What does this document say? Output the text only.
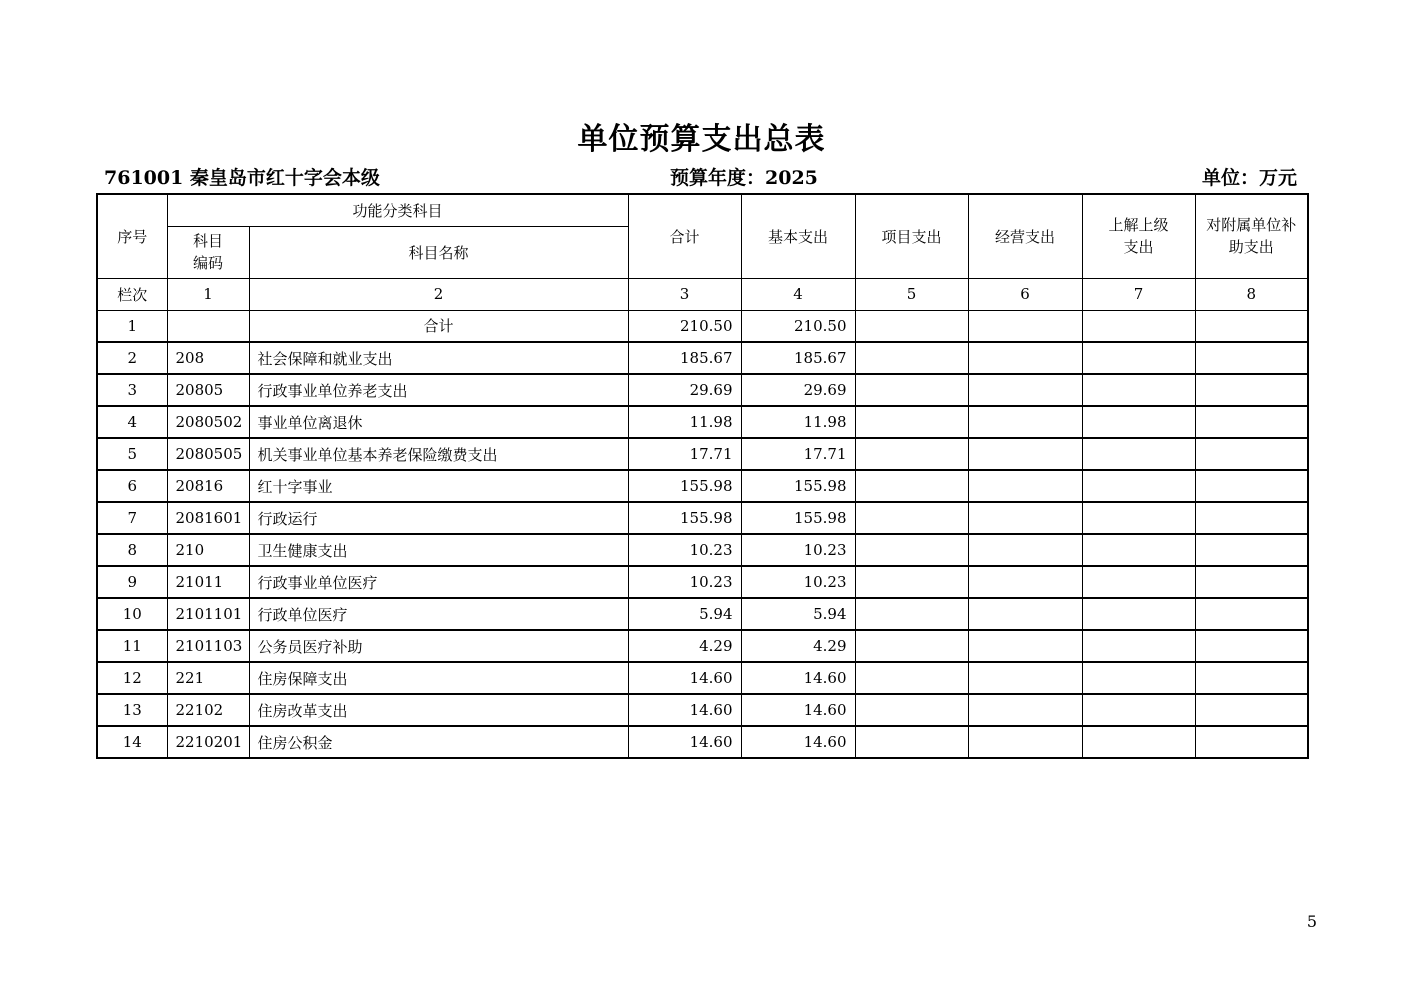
单位预算支出总表
761001 秦皇岛市红十字会本级	预算年度：2025	单位：万元
序号	功能分类科目		合计	基本支出	项目支出	经营支出	上解上级支出	对附属单位补助支出
	科目编码	科目名称						
栏次	1	2	3	4	5	6	7	8
1		合计	210.50	210.50				
2	208	社会保障和就业支出	185.67	185.67				
3	20805	行政事业单位养老支出	29.69	29.69				
4	2080502	事业单位离退休	11.98	11.98				
5	2080505	机关事业单位基本养老保险缴费支出	17.71	17.71				
6	20816	红十字事业	155.98	155.98				
7	2081601	行政运行	155.98	155.98				
8	210	卫生健康支出	10.23	10.23				
9	21011	行政事业单位医疗	10.23	10.23				
10	2101101	行政单位医疗	5.94	5.94				
11	2101103	公务员医疗补助	4.29	4.29				
12	221	住房保障支出	14.60	14.60				
13	22102	住房改革支出	14.60	14.60				
14	2210201	住房公积金	14.60	14.60				
5
